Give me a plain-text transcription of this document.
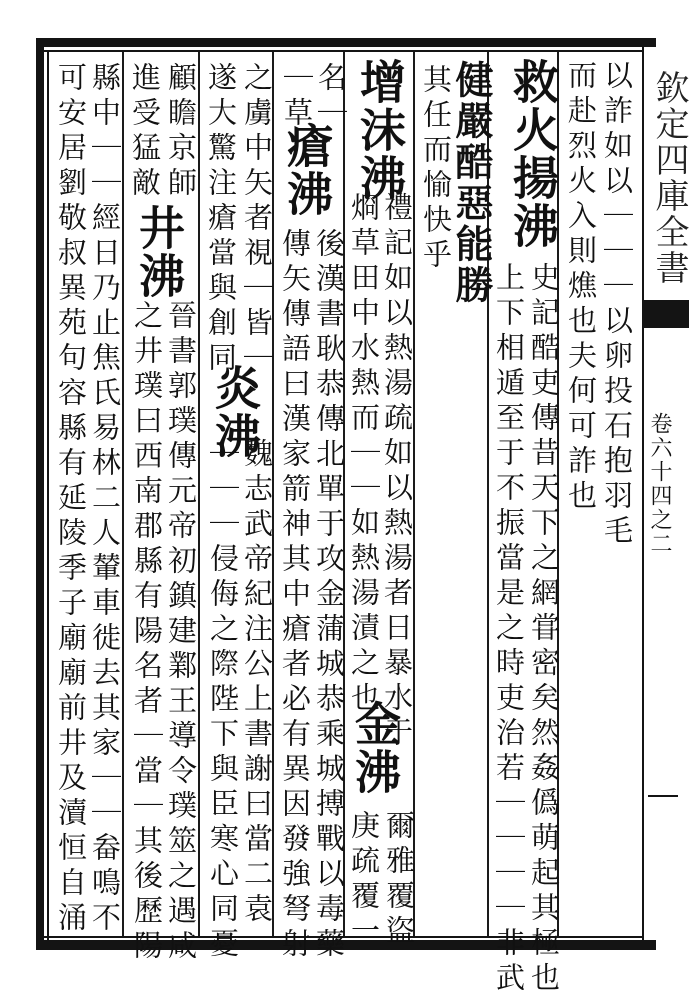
欽定四庫全書
卷六十四之二
以詐如以｜｜｜以卵投石抱羽毛
而赴烈火入則燋也夫何可詐也
救火揚沸
史記酷吏傳昔天下之網甞密矣然姦僞萌起其極也
上下相遁至于不振當是之時吏治若｜｜｜｜非武
健嚴酷惡能勝
其任而愉快乎
增沫沸
禮記如以熱湯疏如以熱湯者日暴水于
烱草田中水熱而｜｜如熱湯漬之也
金沸
爾雅覆盜
庚疏覆一
名｜
瘡沸
後漢書耿恭傳北單于攻金蒲城恭乘城搏戰以毒藥
傳矢傳語曰漢家箭神其中瘡者必有異因發強弩射
｜草
之虜中矢者視｜皆｜
炎沸
魏志武帝紀注公上書謝曰當二袁
遂大驚注瘡當與創同
｜｜｜侵侮之際陛下與臣寒心同憂
顧瞻京師
井沸
晉書郭璞傳元帝初鎮建鄴王導令璞筮之遇咸
進受猛敵
之井璞曰西南郡縣有陽名者｜當｜其後歷陽
縣中｜｜經日乃止焦氏易林二人輦車徙去其家｜｜畚鳴不
可安居劉敬叔異苑句容縣有延陵季子廟廟前井及瀆恒自涌
